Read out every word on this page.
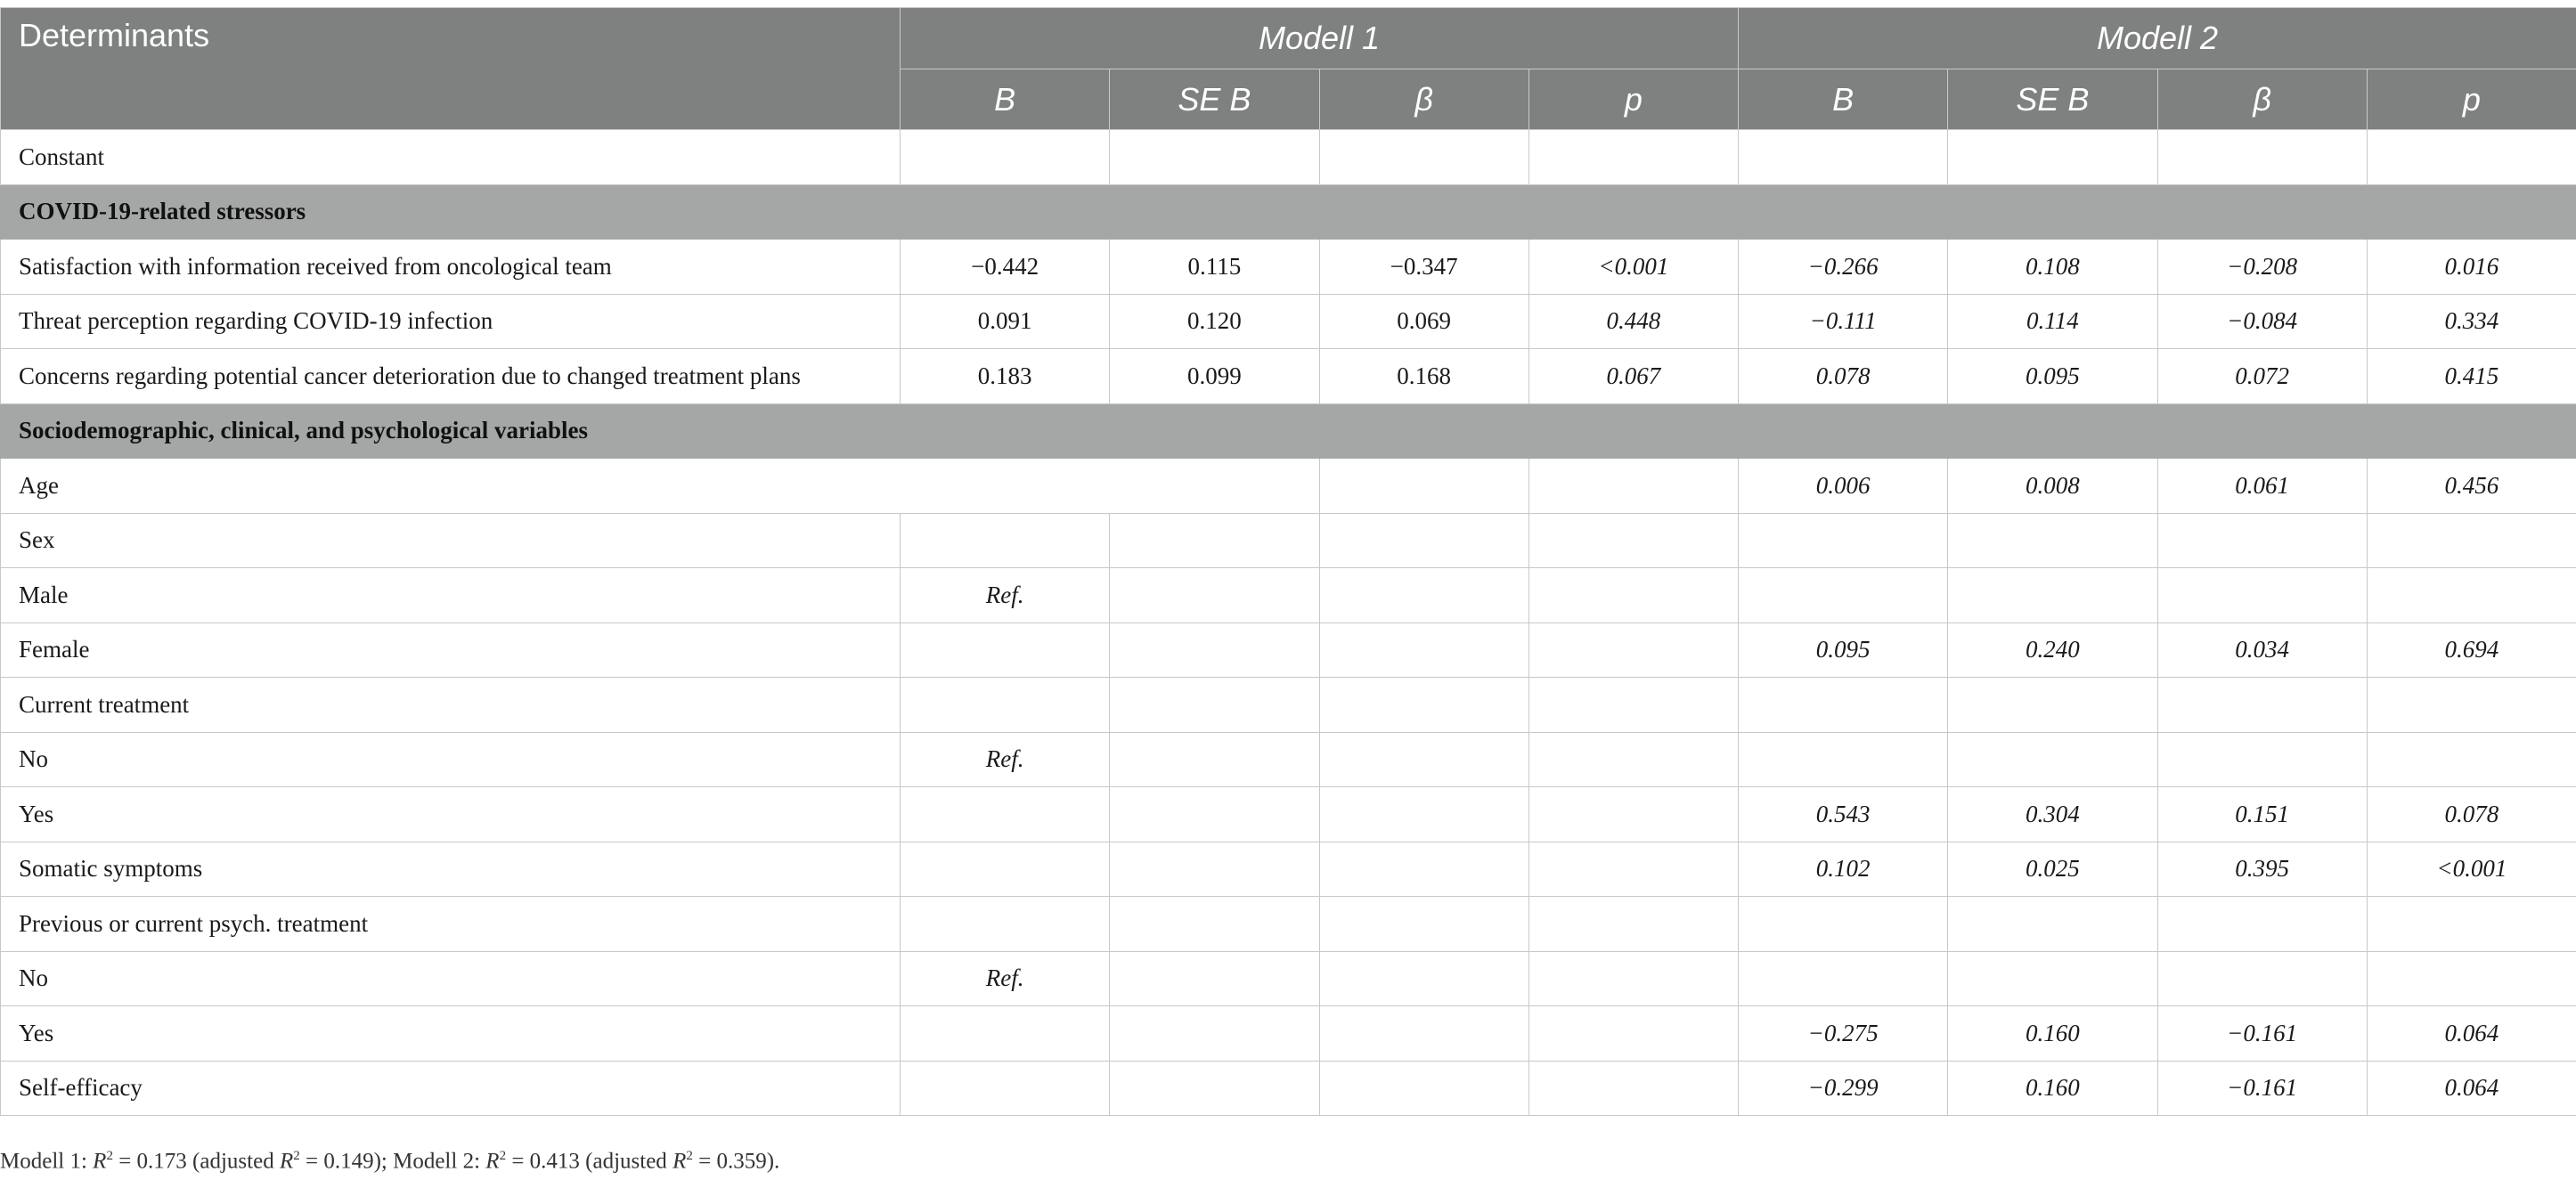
Determinants	Modell 1				Modell 2			
	B	SE B	β	p	B	SE B	β	p
Constant								
COVID-19-related stressors								
Satisfaction with information received from oncological team	−0.442	0.115	−0.347	<0.001	−0.266	0.108	−0.208	0.016
Threat perception regarding COVID-19 infection	0.091	0.120	0.069	0.448	−0.111	0.114	−0.084	0.334
Concerns regarding potential cancer deterioration due to changed treatment plans	0.183	0.099	0.168	0.067	0.078	0.095	0.072	0.415
Sociodemographic, clinical, and psychological variables								
Age					0.006	0.008	0.061	0.456
Sex								
Male	Ref.							
Female					0.095	0.240	0.034	0.694
Current treatment								
No	Ref.							
Yes					0.543	0.304	0.151	0.078
Somatic symptoms					0.102	0.025	0.395	<0.001
Previous or current psych. treatment								
No	Ref.							
Yes					−0.275	0.160	−0.161	0.064
Self-efficacy					−0.299	0.160	−0.161	0.064
Modell 1: $R^2 = 0.173$ (adjusted $R^2 = 0.149$); Modell 2: $R^2 = 0.413$ (adjusted $R^2 = 0.359$).
